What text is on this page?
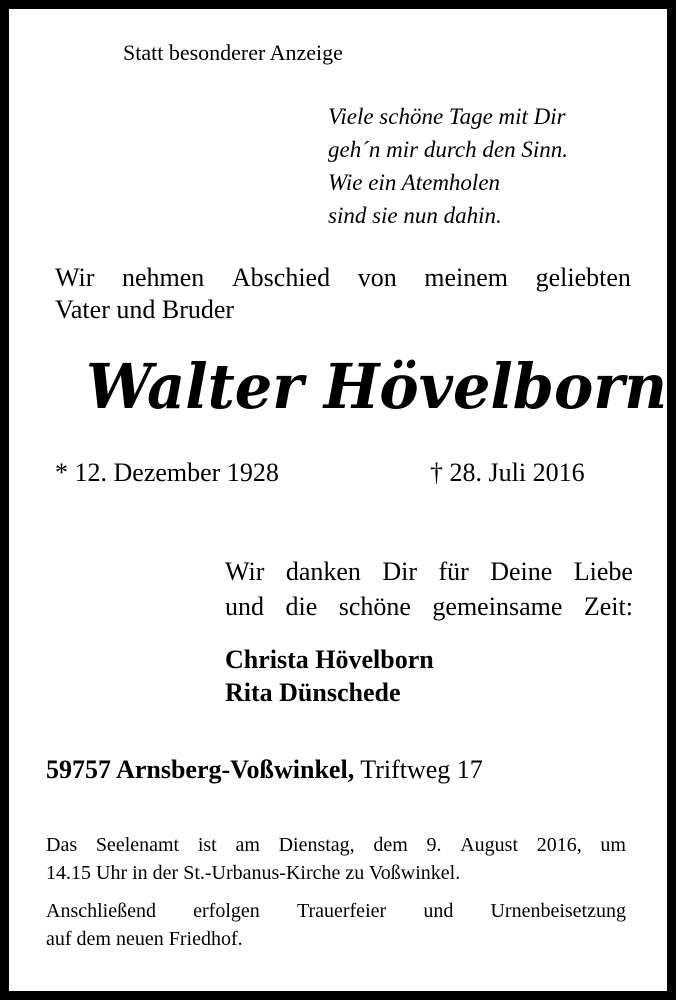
Statt besonderer Anzeige
Viele schöne Tage mit Dir
geh´n mir durch den Sinn.
Wie ein Atemholen
sind sie nun dahin.
Wir nehmen Abschied von meinem geliebten
Vater und Bruder
Walter Hövelborn
* 12. Dezember 1928	† 28. Juli 2016
Wir danken Dir für Deine Liebe
und die schöne gemeinsame Zeit:
Christa Hövelborn
Rita Dünschede
59757 Arnsberg-Voßwinkel, Triftweg 17
Das Seelenamt ist am Dienstag, dem 9. August 2016, um
14.15 Uhr in der St.-Urbanus-Kirche zu Voßwinkel.
Anschließend erfolgen Trauerfeier und Urnenbeisetzung
auf dem neuen Friedhof.
